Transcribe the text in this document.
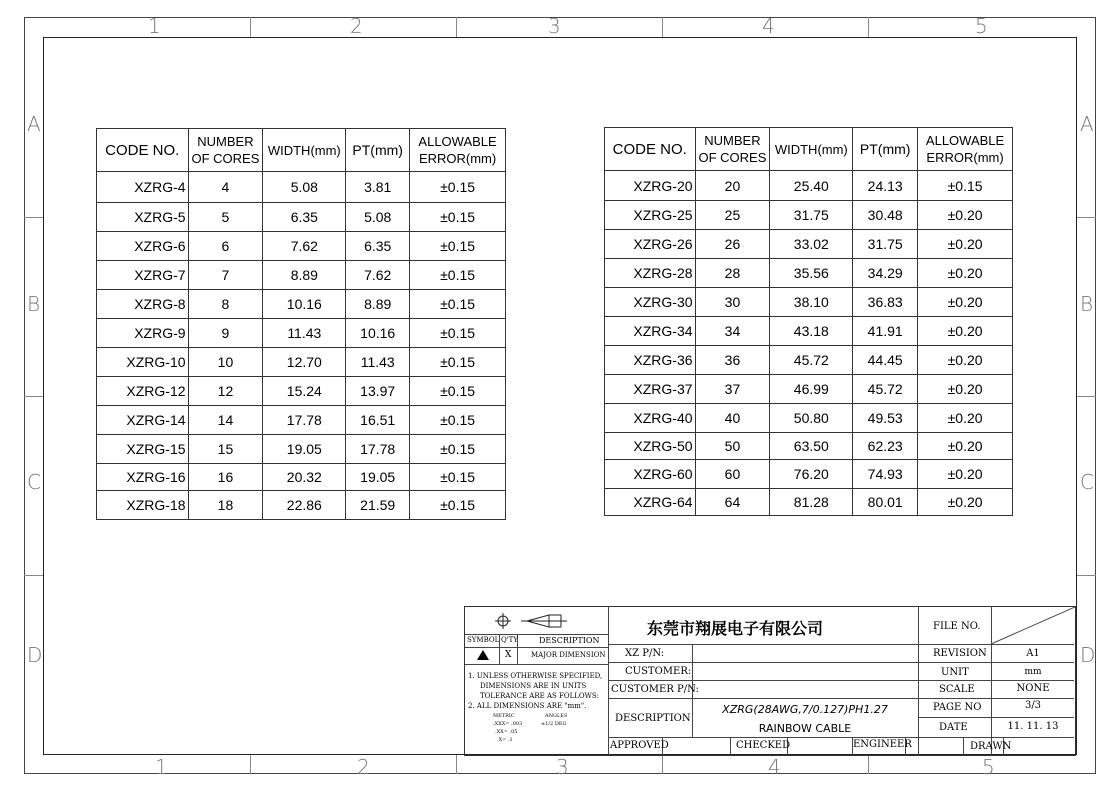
1	2	3	4	5
1	2	3	4	5
A
B
C
D
A
B
C
D
CODE NO.	NUMBER
OF CORES	WIDTH(mm)	PT(mm)	ALLOWABLE
ERROR(mm)
XZRG-4	4	5.08	3.81	±0.15
XZRG-5	5	6.35	5.08	±0.15
XZRG-6	6	7.62	6.35	±0.15
XZRG-7	7	8.89	7.62	±0.15
XZRG-8	8	10.16	8.89	±0.15
XZRG-9	9	11.43	10.16	±0.15
XZRG-10	10	12.70	11.43	±0.15
XZRG-12	12	15.24	13.97	±0.15
XZRG-14	14	17.78	16.51	±0.15
XZRG-15	15	19.05	17.78	±0.15
XZRG-16	16	20.32	19.05	±0.15
XZRG-18	18	22.86	21.59	±0.15
CODE NO.	NUMBER
OF CORES	WIDTH(mm)	PT(mm)	ALLOWABLE
ERROR(mm)
XZRG-20	20	25.40	24.13	±0.15
XZRG-25	25	31.75	30.48	±0.20
XZRG-26	26	33.02	31.75	±0.20
XZRG-28	28	35.56	34.29	±0.20
XZRG-30	30	38.10	36.83	±0.20
XZRG-34	34	43.18	41.91	±0.20
XZRG-36	36	45.72	44.45	±0.20
XZRG-37	37	46.99	45.72	±0.20
XZRG-40	40	50.80	49.53	±0.20
XZRG-50	50	63.50	62.23	±0.20
XZRG-60	60	76.20	74.93	±0.20
XZRG-64	64	81.28	80.01	±0.20
SYMBOL Q'TY	DESCRIPTION
X	MAJOR DIMENSION
1. UNLESS OTHERWISE SPECIFIED,
DIMENSIONS ARE IN UNITS
TOLERANCE ARE AS FOLLOWS:
2. ALL DIMENSIONS ARE "mm".
METRIC	ANGLES
.XXX= .003	±1/2 DEG
.XX= .05
.X= .1
东莞市翔展电子有限公司
XZ P/N:
CUSTOMER:
CUSTOMER P/N:
DESCRIPTION
XZRG(28AWG,7/0.127)PH1.27
RAINBOW CABLE
FILE NO.
REVISION	A1
UNIT	mm
SCALE	NONE
PAGE NO	3/3
DATE	11. 11. 13
APPROVED	CHECKED	ENGINEER	DRAWN
